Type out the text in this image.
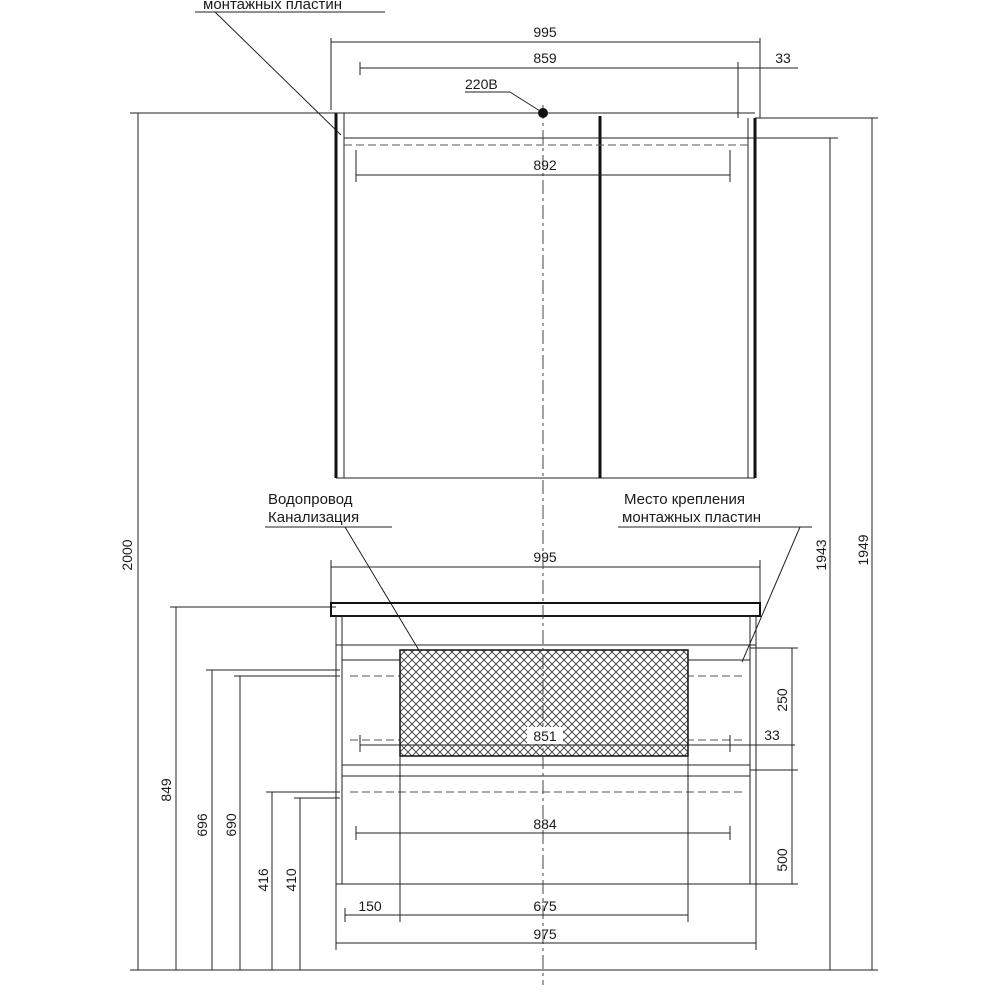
монтажных пластин
995
859	33
220В
892
2000
849
696 690
416 410
1943 1949
Водопровод
Канализация
Место крепления
монтажных пластин
995
851	33
250
884
500
150	675
975
